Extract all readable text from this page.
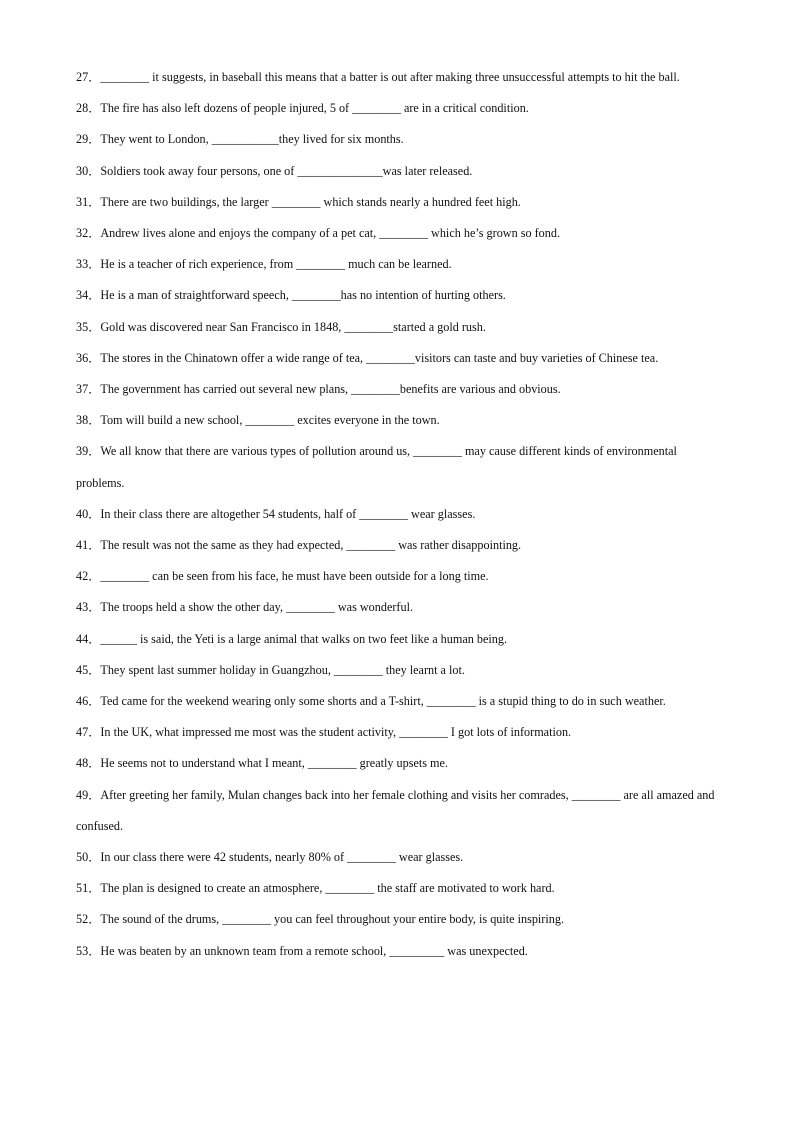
27．________ it suggests, in baseball this means that a batter is out after making three unsuccessful attempts to hit the ball.

28．The fire has also left dozens of people injured, 5 of ________ are in a critical condition.

29．They went to London, ___________they lived for six months.

30．Soldiers took away four persons, one of ______________was later released.

31．There are two buildings, the larger ________ which stands nearly a hundred feet high.

32．Andrew lives alone and enjoys the company of a pet cat, ________ which he’s grown so fond.

33．He is a teacher of rich experience, from ________ much can be learned.

34．He is a man of straightforward speech, ________has no intention of hurting others.

35．Gold was discovered near San Francisco in 1848, ________started a gold rush.

36．The stores in the Chinatown offer a wide range of tea, ________visitors can taste and buy varieties of Chinese tea.

37．The government has carried out several new plans, ________benefits are various and obvious.

38．Tom will build a new school, ________ excites everyone in the town.

39．We all know that there are various types of pollution around us, ________ may cause different kinds of environmental problems.

40．In their class there are altogether 54 students, half of ________ wear glasses.

41．The result was not the same as they had expected, ________ was rather disappointing.

42．________ can be seen from his face, he must have been outside for a long time.

43．The troops held a show the other day, ________ was wonderful.

44．______ is said, the Yeti is a large animal that walks on two feet like a human being.

45．They spent last summer holiday in Guangzhou, ________ they learnt a lot.

46．Ted came for the weekend wearing only some shorts and a T-shirt, ________ is a stupid thing to do in such weather.

47．In the UK, what impressed me most was the student activity, ________ I got lots of information.

48．He seems not to understand what I meant, ________ greatly upsets me.

49．After greeting her family, Mulan changes back into her female clothing and visits her comrades, ________ are all amazed and confused.

50．In our class there were 42 students, nearly 80% of ________ wear glasses.

51．The plan is designed to create an atmosphere, ________ the staff are motivated to work hard.

52．The sound of the drums, ________ you can feel throughout your entire body, is quite inspiring.

53．He was beaten by an unknown team from a remote school, _________ was unexpected.
